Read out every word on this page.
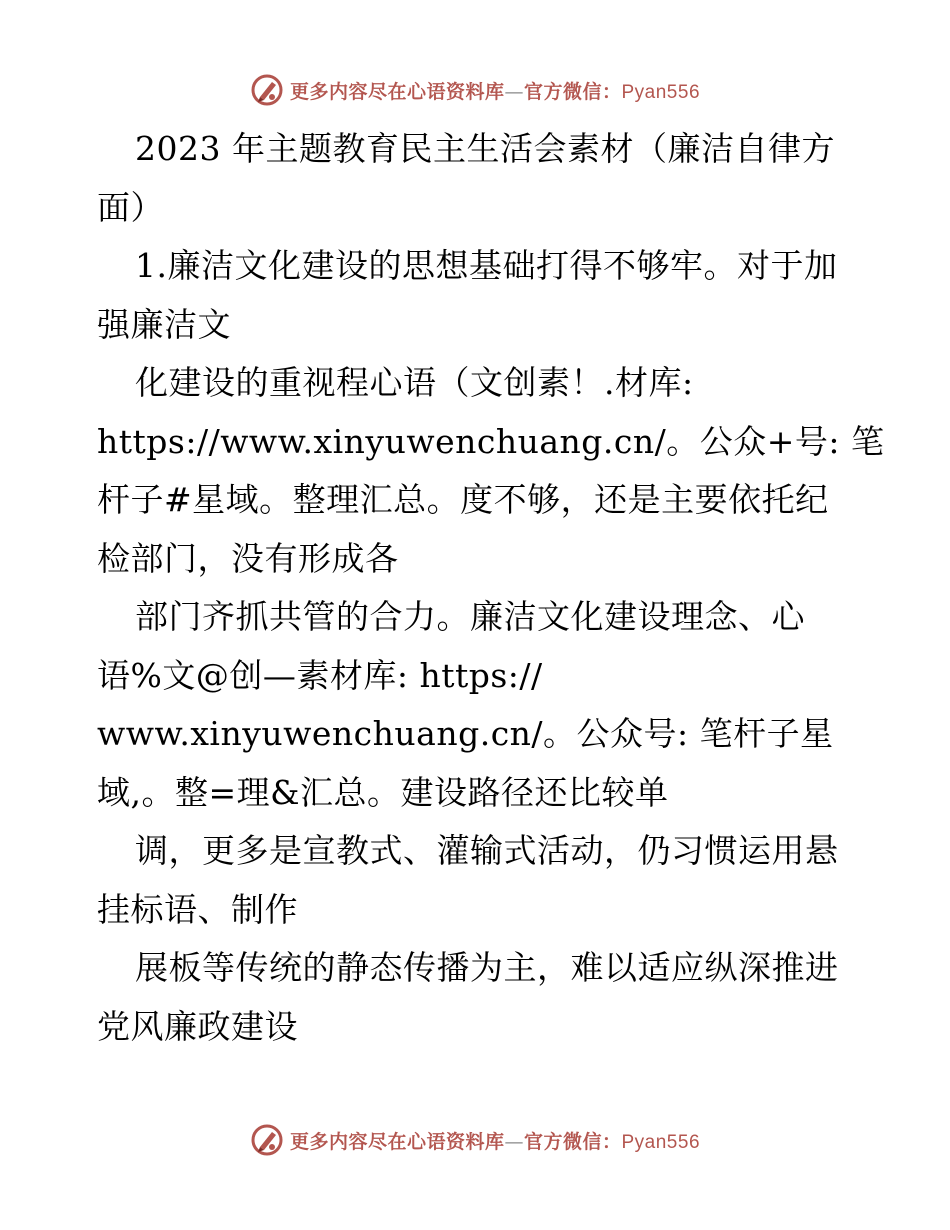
更多内容尽在心语资料库—官方微信：Pyan556
2023 年主题教育民主生活会素材（廉洁自律方
面）
1.廉洁文化建设的思想基础打得不够牢。对于加
强廉洁文
化建设的重视程心语（文创素！.材库:
https://www.xinyuwenchuang.cn/。公众+号: 笔
杆子#星域。整理汇总。度不够，还是主要依托纪
检部门，没有形成各
部门齐抓共管的合力。廉洁文化建设理念、心
语%文@创—素材库: https://
www.xinyuwenchuang.cn/。公众号: 笔杆子星
域,。整=理&汇总。建设路径还比较单
调，更多是宣教式、灌输式活动，仍习惯运用悬
挂标语、制作
展板等传统的静态传播为主，难以适应纵深推进
党风廉政建设
更多内容尽在心语资料库—官方微信：Pyan556
